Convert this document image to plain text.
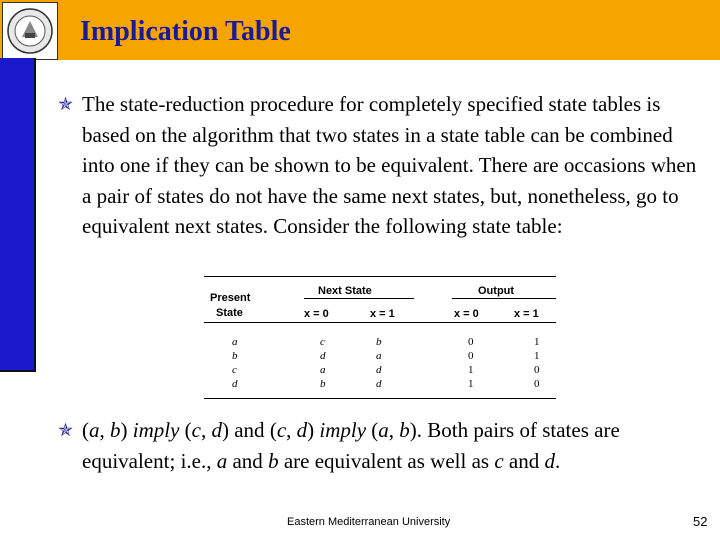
Implication Table
✯ The state-reduction procedure for completely specified state tables is based on the algorithm that two states in a state table can be combined into one if they can be shown to be equivalent. There are occasions when a pair of states do not have the same next states, but, nonetheless, go to equivalent next states. Consider the following state table:
Present
State
Next State	Output
x = 0	x = 1	x = 0	x = 1
a	c	b	0	1
b	d	a	0	1
c	a	d	1	0
d	b	d	1	0
✯ (a, b) imply (c, d) and (c, d) imply (a, b). Both pairs of states are equivalent; i.e., a and b are equivalent as well as c and d.
Eastern Mediterranean University	52
